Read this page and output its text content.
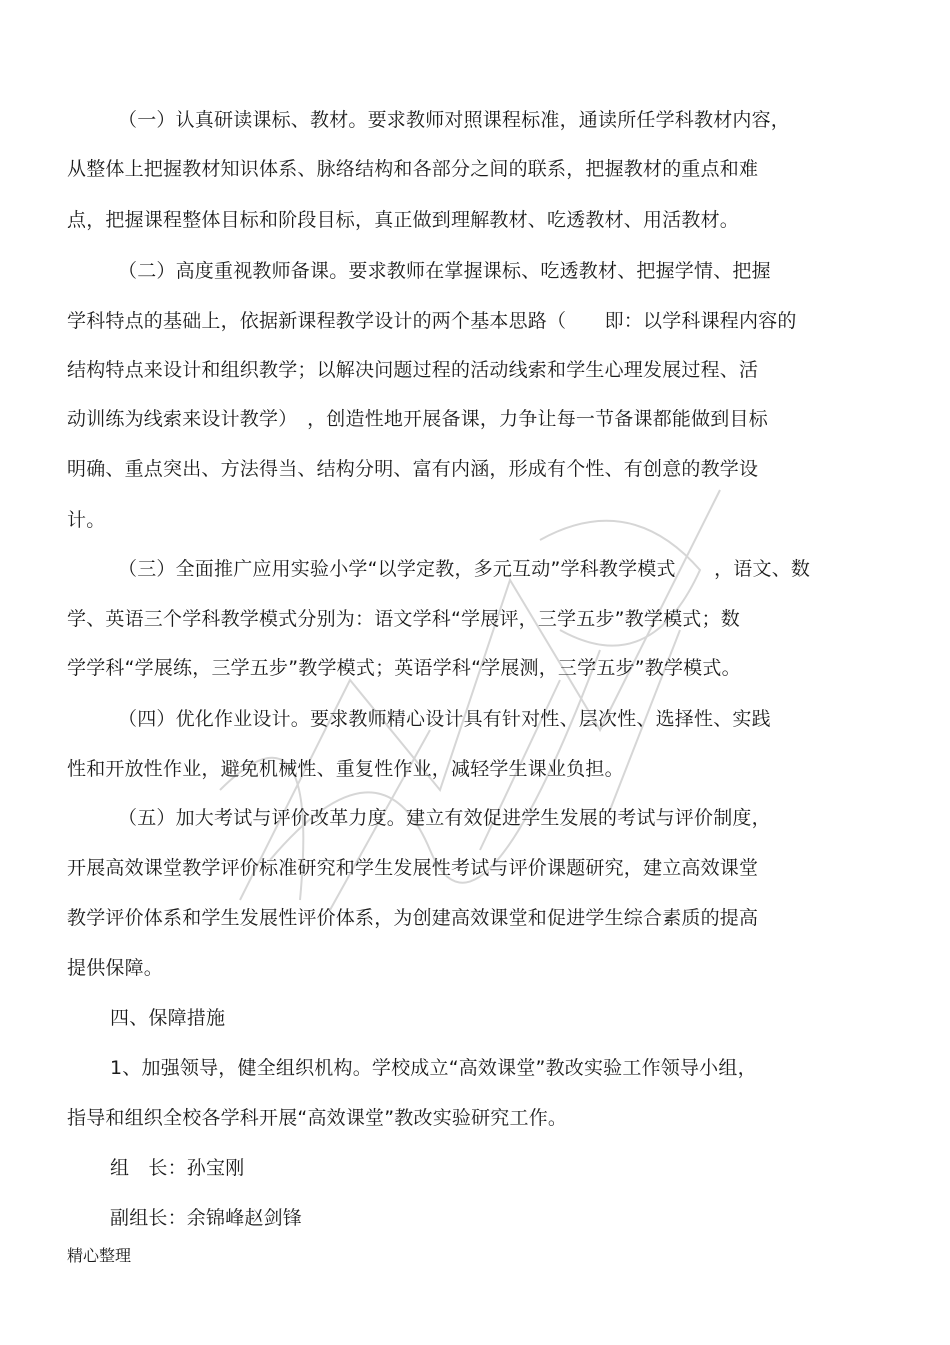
（一）认真研读课标、教材。要求教师对照课程标准，通读所任学科教材内容，
从整体上把握教材知识体系、脉络结构和各部分之间的联系，把握教材的重点和难
点，把握课程整体目标和阶段目标，真正做到理解教材、吃透教材、用活教材。
（二）高度重视教师备课。要求教师在掌握课标、吃透教材、把握学情、把握
学科特点的基础上，依据新课程教学设计的两个基本思路（　　即：以学科课程内容的
结构特点来设计和组织教学；以解决问题过程的活动线索和学生心理发展过程、活
动训练为线索来设计教学）　，创造性地开展备课，力争让每一节备课都能做到目标
明确、重点突出、方法得当、结构分明、富有内涵，形成有个性、有创意的教学设
计。
（三）全面推广应用实验小学“以学定教，多元互动”学科教学模式　　，语文、数
学、英语三个学科教学模式分别为：语文学科“学展评，三学五步”教学模式；数
学学科“学展练，三学五步”教学模式；英语学科“学展测，三学五步”教学模式。
（四）优化作业设计。要求教师精心设计具有针对性、层次性、选择性、实践
性和开放性作业，避免机械性、重复性作业，减轻学生课业负担。
（五）加大考试与评价改革力度。建立有效促进学生发展的考试与评价制度，
开展高效课堂教学评价标准研究和学生发展性考试与评价课题研究，建立高效课堂
教学评价体系和学生发展性评价体系，为创建高效课堂和促进学生综合素质的提高
提供保障。
四、保障措施
1、加强领导，健全组织机构。学校成立“高效课堂”教改实验工作领导小组，
指导和组织全校各学科开展“高效课堂”教改实验研究工作。
组　长：孙宝刚
副组长：余锦峰赵剑锋
精心整理
